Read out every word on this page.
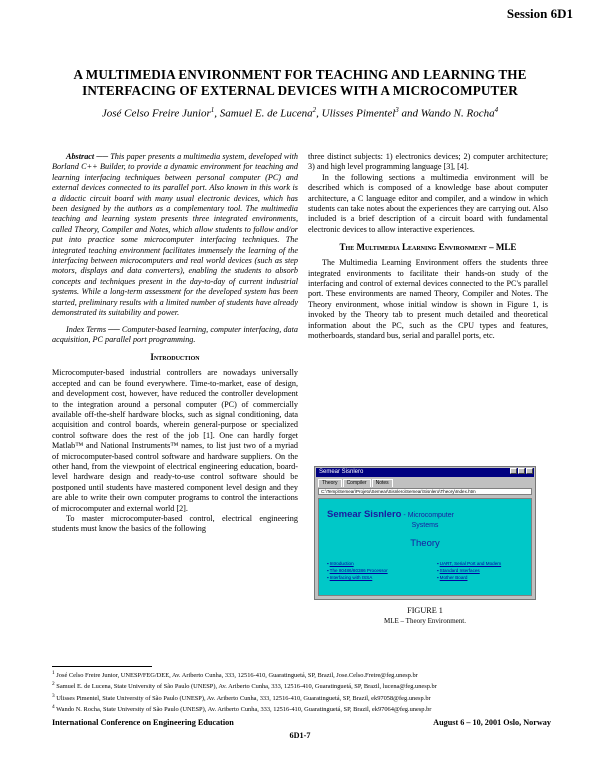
Session 6D1
A MULTIMEDIA ENVIRONMENT FOR TEACHING AND LEARNING THE
INTERFACING OF EXTERNAL DEVICES WITH A MICROCOMPUTER
José Celso Freire Junior$^1$, Samuel E. de Lucena$^2$, Ulisses Pimentel$^3$ and Wando N. Rocha$^4$

Abstract ── This paper presents a multimedia system, developed with Borland C++ Builder, to provide a dynamic environment for teaching and learning interfacing techniques between personal computer (PC) and external devices connected to its parallel port. Also known in this work is a didactic circuit board with many usual electronic devices, which has been designed by the authors as a complementary tool. The multimedia teaching and learning system presents three integrated environments, called Theory, Compiler and Notes, which allow students to follow and/or put into practice some microcomputer interfacing techniques. The integrated teaching environment facilitates immensely the learning of the interfacing between microcomputers and real world devices (such as step motors, displays and data converters), enabling the students to absorb concepts and techniques present in the day-to-day of current industrial systems. While a long-term assessment for the developed system has been started, preliminary results with a limited number of students have already demonstrated its suitability and power.

Index Terms ── Computer-based learning, computer interfacing, data acquisition, PC parallel port programming.

Introduction

Microcomputer-based industrial controllers are nowadays universally accepted and can be found everywhere. Time-to-market, ease of design, and development cost, however, have reduced the controller development to the integration around a personal computer (PC) of commercially available off-the-shelf hardware blocks, such as signal conditioning, data acquisition and control boards, wherein general-purpose or specialized control software does the rest of the job [1]. One can hardly forget Matlab™ and National Instruments™ names, to list just two of a myriad of microcomputer-based control software and hardware suppliers. On the other hand, from the viewpoint of electrical engineering education, board-level hardware design and ready-to-use control software should be postponed until students have mastered component level design and they are able to write their own computer programs to control the interactions of microcomputer and external world [2].

To master microcomputer-based control, electrical engineering students must know the basics of the following

three distinct subjects: 1) electronics devices; 2) computer architecture; 3) and high level programming language [3], [4].

In the following sections a multimedia environment will be described which is composed of a knowledge base about computer architecture, a C language editor and compiler, and a window in which students can take notes about the experiences they are carrying out. Also included is a brief description of a circuit board with fundamental electronic devices to allow interactive experiences.

The Multimedia Learning Environment – MLE

The Multimedia Learning Environment offers the students three integrated environments to facilitate their hands-on study of the interfacing and control of external devices connected to the PC's parallel port. These environments are named Theory, Compiler and Notes. The Theory environment, whose initial window is shown in Figure 1, is invoked by the Theory tab to present much detailed and theoretical information about the PC, such as the CPU types and features, motherboards, standard bus, serial and parallel ports, etc.

Semear Sisnlero
Theory	Compiler	Notes
C:\Temp\Semear\Projeto\Semear\Sisnlero\Semear\Sisnlero\Theory\Index.htm
Semear Sisnlero - Microcomputer
Systems
Theory
▪ Introduction
▪ The 80486/80386 Processor
▪ Interfacing with ISSA
▪ UART, Serial Port and Modem
▪ Standard Interfaces
▪ Mother Board
FIGURE 1
MLE – Theory Environment.
$^1$ José Celso Freire Junior, UNESP/FEG/DEE, Av. Ariberto Cunha, 333, 12516-410, Guaratinguetá, SP, Brazil, Jose.Celso.Freire@feg.unesp.br
$^2$ Samuel E. de Lucena, State University of São Paulo (UNESP), Av. Ariberto Cunha, 333, 12516-410, Guaratinguetá, SP, Brazil, lucena@feg.unesp.br
$^3$ Ulisses Pimentel, State University of São Paulo (UNESP), Av. Ariberto Cunha, 333, 12516-410, Guaratinguetá, SP, Brazil, ek97058@feg.unesp.br
$^4$ Wando N. Rocha, State University of São Paulo (UNESP), Av. Ariberto Cunha, 333, 12516-410, Guaratinguetá, SP, Brazil, ek97064@feg.unesp.br
International Conference on Engineering Education	August 6 – 10, 2001 Oslo, Norway
6D1-7
